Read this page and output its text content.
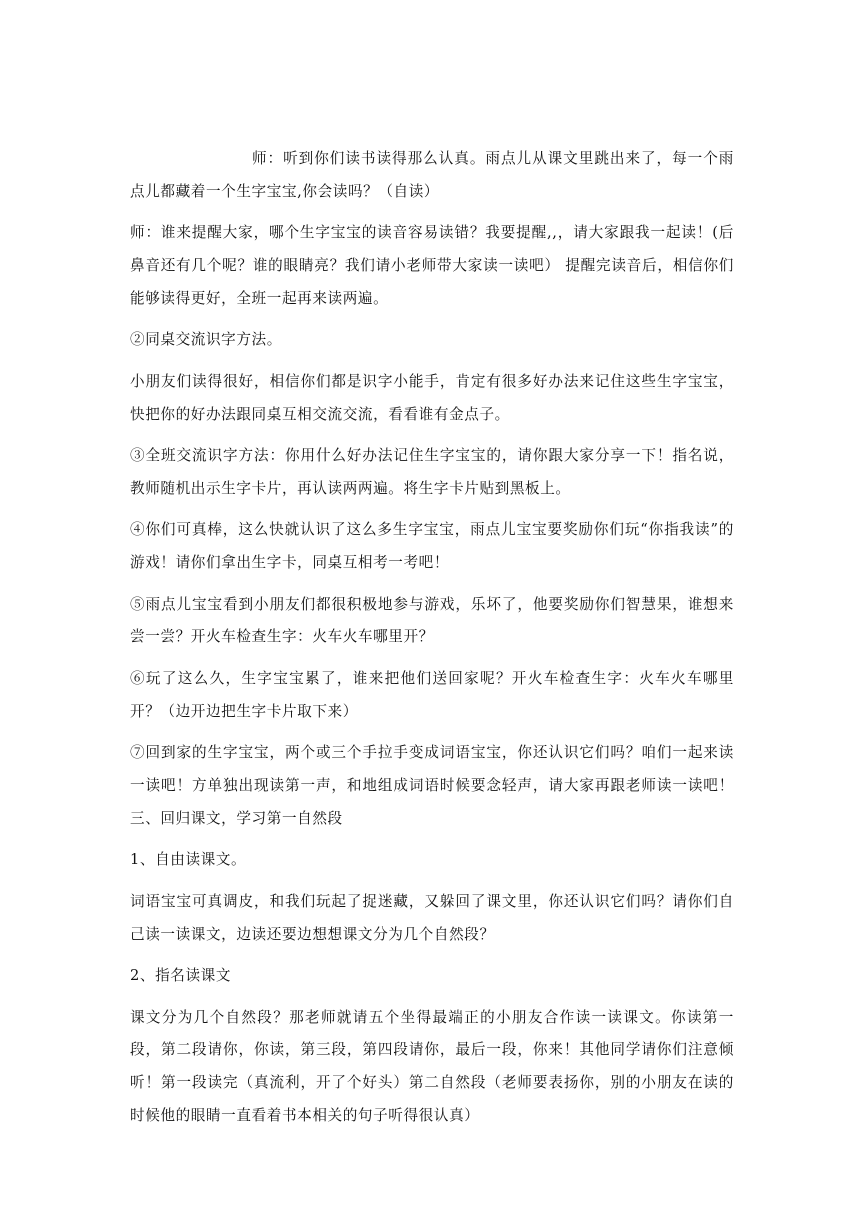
师：听到你们读书读得那么认真。雨点儿从课文里跳出来了，每一个雨点儿都藏着一个生字宝宝,你会读吗？（自读）

师：谁来提醒大家，哪个生字宝宝的读音容易读错？我要提醒,,，请大家跟我一起读！(后鼻音还有几个呢？谁的眼睛亮？我们请小老师带大家读一读吧） 提醒完读音后，相信你们能够读得更好，全班一起再来读两遍。

②同桌交流识字方法。

小朋友们读得很好，相信你们都是识字小能手，肯定有很多好办法来记住这些生字宝宝，快把你的好办法跟同桌互相交流交流，看看谁有金点子。

③全班交流识字方法：你用什么好办法记住生字宝宝的，请你跟大家分享一下！指名说，教师随机出示生字卡片，再认读两两遍。将生字卡片贴到黑板上。

④你们可真棒，这么快就认识了这么多生字宝宝，雨点儿宝宝要奖励你们玩“你指我读”的游戏！请你们拿出生字卡，同桌互相考一考吧！

⑤雨点儿宝宝看到小朋友们都很积极地参与游戏，乐坏了，他要奖励你们智慧果，谁想来尝一尝？开火车检查生字：火车火车哪里开？

⑥玩了这么久，生字宝宝累了，谁来把他们送回家呢？开火车检查生字：火车火车哪里开？（边开边把生字卡片取下来）

⑦回到家的生字宝宝，两个或三个手拉手变成词语宝宝，你还认识它们吗？咱们一起来读一读吧！方单独出现读第一声，和地组成词语时候要念轻声，请大家再跟老师读一读吧！ 三、回归课文，学习第一自然段

1、自由读课文。

词语宝宝可真调皮，和我们玩起了捉迷藏，又躲回了课文里，你还认识它们吗？请你们自己读一读课文，边读还要边想想课文分为几个自然段？

2、指名读课文

课文分为几个自然段？那老师就请五个坐得最端正的小朋友合作读一读课文。你读第一段，第二段请你，你读，第三段，第四段请你，最后一段，你来！其他同学请你们注意倾听！第一段读完（真流利，开了个好头）第二自然段（老师要表扬你，别的小朋友在读的时候他的眼睛一直看着书本相关的句子听得很认真）
